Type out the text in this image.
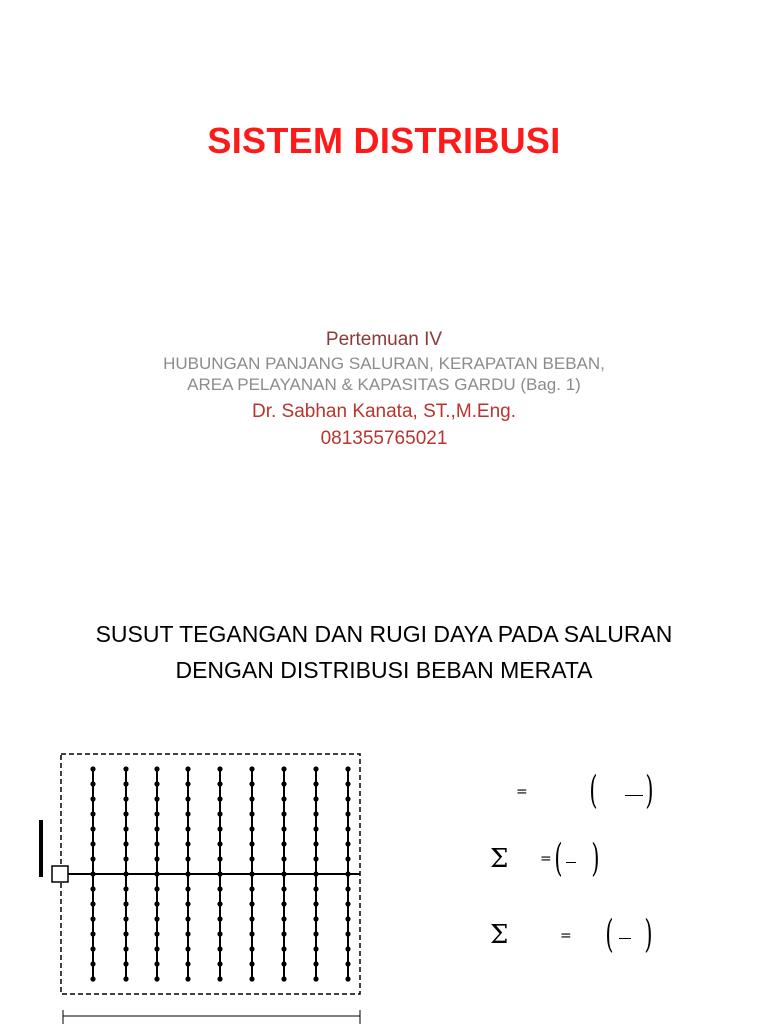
SISTEM DISTRIBUSI
Pertemuan IV
HUBUNGAN PANJANG SALURAN, KERAPATAN BEBAN,
AREA PELAYANAN & KAPASITAS GARDU (Bag. 1)
Dr. Sabhan Kanata, ST.,M.Eng.
081355765021
SUSUT TEGANGAN DAN RUGI DAYA PADA SALURAN
DENGAN DISTRIBUSI BEBAN MERATA
= ( )
Σ = ( )
Σ	= ( )
